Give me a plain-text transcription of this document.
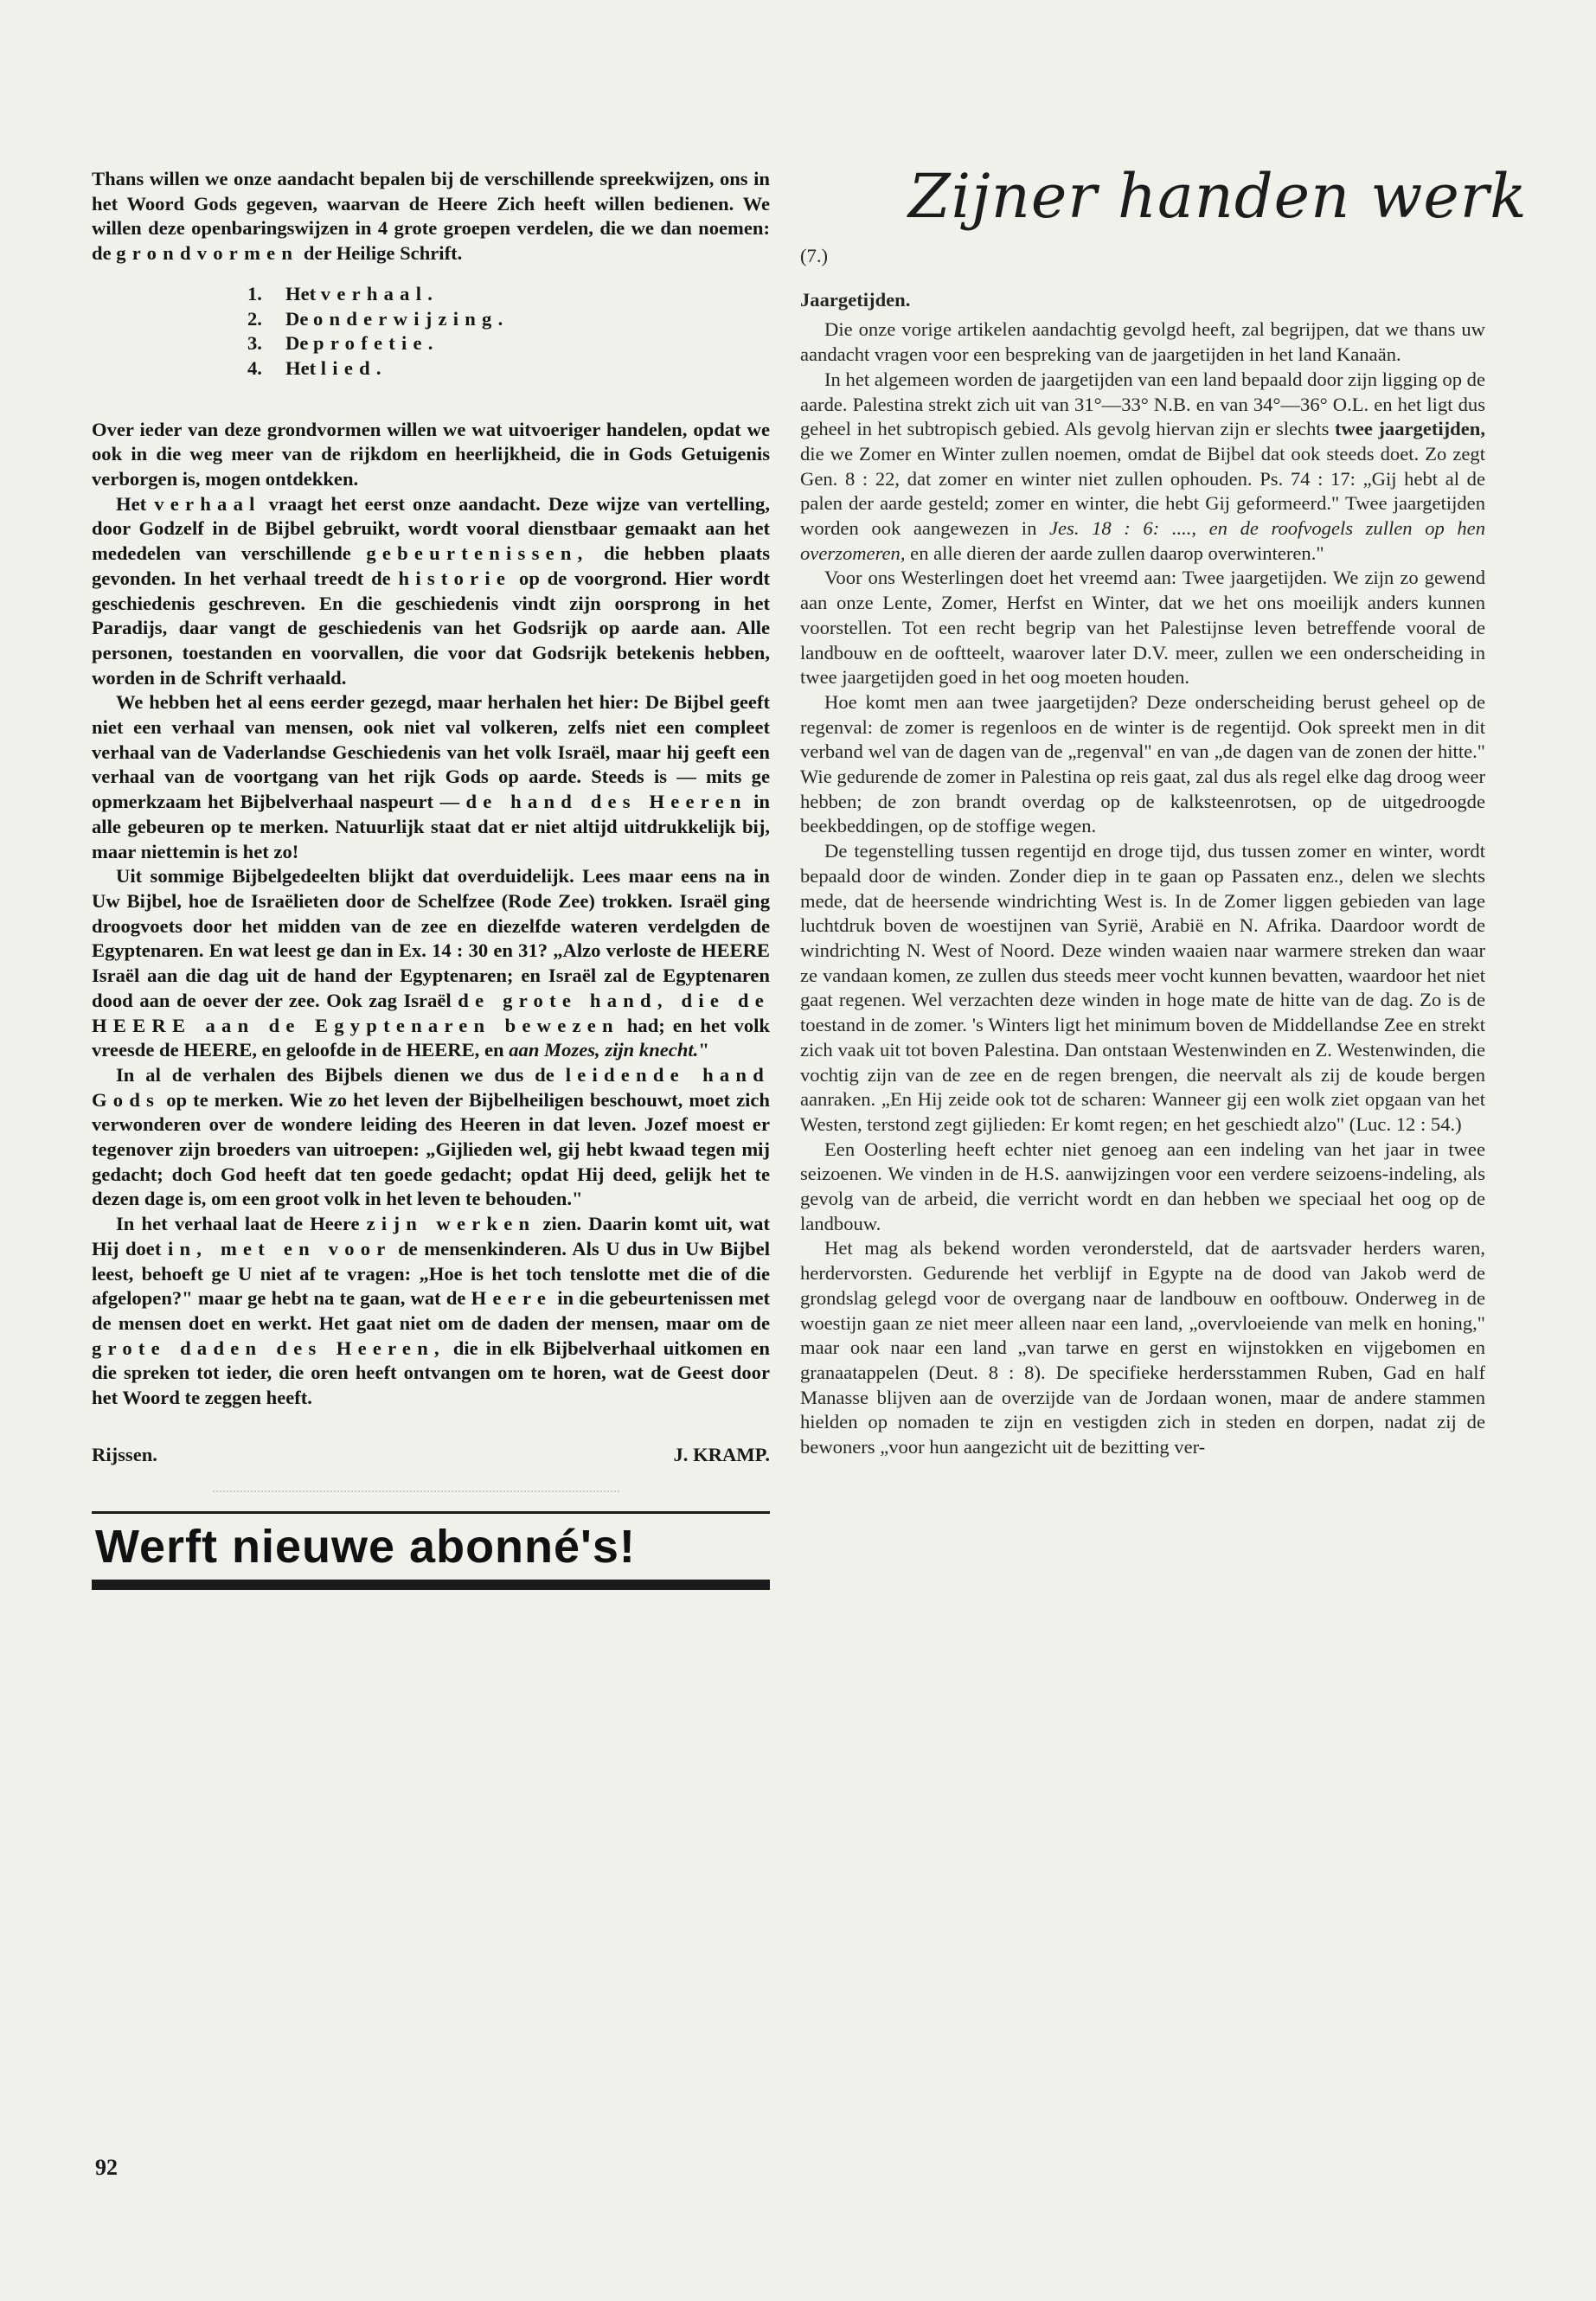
Thans willen we onze aandacht bepalen bij de verschillende spreekwijzen, ons in het Woord Gods gegeven, waarvan de Heere Zich heeft willen bedienen. We willen deze openbaringswijzen in 4 grote groepen verdelen, die we dan noemen: de grondvormen der Heilige Schrift.

1. Het verhaal.
2. De onderwijzing.
3. De profetie.
4. Het lied.

Over ieder van deze grondvormen willen we wat uitvoeriger handelen, opdat we ook in die weg meer van de rijkdom en heerlijkheid, die in Gods Getuigenis verborgen is, mogen ontdekken.

Het verhaal vraagt het eerst onze aandacht. Deze wijze van vertelling, door Godzelf in de Bijbel gebruikt, wordt vooral dienstbaar gemaakt aan het mededelen van verschillende gebeurtenissen, die hebben plaats gevonden. In het verhaal treedt de historie op de voorgrond. Hier wordt geschiedenis geschreven. En die geschiedenis vindt zijn oorsprong in het Paradijs, daar vangt de geschiedenis van het Godsrijk op aarde aan. Alle personen, toestanden en voorvallen, die voor dat Godsrijk betekenis hebben, worden in de Schrift verhaald.

We hebben het al eens eerder gezegd, maar herhalen het hier: De Bijbel geeft niet een verhaal van mensen, ook niet val volkeren, zelfs niet een compleet verhaal van de Vaderlandse Geschiedenis van het volk Israël, maar hij geeft een verhaal van de voortgang van het rijk Gods op aarde. Steeds is — mits ge opmerkzaam het Bijbelverhaal naspeurt — de hand des Heeren in alle gebeuren op te merken. Natuurlijk staat dat er niet altijd uitdrukkelijk bij, maar niettemin is het zo!

Uit sommige Bijbelgedeelten blijkt dat overduidelijk. Lees maar eens na in Uw Bijbel, hoe de Israëlieten door de Schelfzee (Rode Zee) trokken. Israël ging droogvoets door het midden van de zee en diezelfde wateren verdelgden de Egyptenaren. En wat leest ge dan in Ex. 14 : 30 en 31? „Alzo verloste de HEERE Israël aan die dag uit de hand der Egyptenaren; en Israël zal de Egyptenaren dood aan de oever der zee. Ook zag Israël de grote hand, die de HEERE aan de Egyptenaren bewezen had; en het volk vreesde de HEERE, en geloofde in de HEERE, en aan Mozes, zijn knecht."

In al de verhalen des Bijbels dienen we dus de leidende hand Gods op te merken. Wie zo het leven der Bijbelheiligen beschouwt, moet zich verwonderen over de wondere leiding des Heeren in dat leven. Jozef moest er tegenover zijn broeders van uitroepen: „Gijlieden wel, gij hebt kwaad tegen mij gedacht; doch God heeft dat ten goede gedacht; opdat Hij deed, gelijk het te dezen dage is, om een groot volk in het leven te behouden."

In het verhaal laat de Heere zijn werken zien. Daarin komt uit, wat Hij doet in, met en voor de mensenkinderen. Als U dus in Uw Bijbel leest, behoeft ge U niet af te vragen: „Hoe is het toch tenslotte met die of die afgelopen?" maar ge hebt na te gaan, wat de Heere in die gebeurtenissen met de mensen doet en werkt. Het gaat niet om de daden der mensen, maar om de grote daden des Heeren, die in elk Bijbelverhaal uitkomen en die spreken tot ieder, die oren heeft ontvangen om te horen, wat de Geest door het Woord te zeggen heeft.

Rijssen.	J. KRAMP.
Werft nieuwe abonné's!
Zijner handen werk

(7.)

Jaargetijden.

Die onze vorige artikelen aandachtig gevolgd heeft, zal begrijpen, dat we thans uw aandacht vragen voor een bespreking van de jaargetijden in het land Kanaän.

In het algemeen worden de jaargetijden van een land bepaald door zijn ligging op de aarde. Palestina strekt zich uit van 31°—33° N.B. en van 34°—36° O.L. en het ligt dus geheel in het subtropisch gebied. Als gevolg hiervan zijn er slechts twee jaargetijden, die we Zomer en Winter zullen noemen, omdat de Bijbel dat ook steeds doet. Zo zegt Gen. 8 : 22, dat zomer en winter niet zullen ophouden. Ps. 74 : 17: „Gij hebt al de palen der aarde gesteld; zomer en winter, die hebt Gij geformeerd." Twee jaargetijden worden ook aangewezen in Jes. 18 : 6: ...., en de roofvogels zullen op hen overzomeren, en alle dieren der aarde zullen daarop overwinteren."

Voor ons Westerlingen doet het vreemd aan: Twee jaargetijden. We zijn zo gewend aan onze Lente, Zomer, Herfst en Winter, dat we het ons moeilijk anders kunnen voorstellen. Tot een recht begrip van het Palestijnse leven betreffende vooral de landbouw en de ooftteelt, waarover later D.V. meer, zullen we een onderscheiding in twee jaargetijden goed in het oog moeten houden.

Hoe komt men aan twee jaargetijden? Deze onderscheiding berust geheel op de regenval: de zomer is regenloos en de winter is de regentijd. Ook spreekt men in dit verband wel van de dagen van de „regenval" en van „de dagen van de zonen der hitte." Wie gedurende de zomer in Palestina op reis gaat, zal dus als regel elke dag droog weer hebben; de zon brandt overdag op de kalksteenrotsen, op de uitgedroogde beekbeddingen, op de stoffige wegen.

De tegenstelling tussen regentijd en droge tijd, dus tussen zomer en winter, wordt bepaald door de winden. Zonder diep in te gaan op Passaten enz., delen we slechts mede, dat de heersende windrichting West is. In de Zomer liggen gebieden van lage luchtdruk boven de woestijnen van Syrië, Arabië en N. Afrika. Daardoor wordt de windrichting N. West of Noord. Deze winden waaien naar warmere streken dan waar ze vandaan komen, ze zullen dus steeds meer vocht kunnen bevatten, waardoor het niet gaat regenen. Wel verzachten deze winden in hoge mate de hitte van de dag. Zo is de toestand in de zomer. 's Winters ligt het minimum boven de Middellandse Zee en strekt zich vaak uit tot boven Palestina. Dan ontstaan Westenwinden en Z. Westenwinden, die vochtig zijn van de zee en de regen brengen, die neervalt als zij de koude bergen aanraken. „En Hij zeide ook tot de scharen: Wanneer gij een wolk ziet opgaan van het Westen, terstond zegt gijlieden: Er komt regen; en het geschiedt alzo" (Luc. 12 : 54.)

Een Oosterling heeft echter niet genoeg aan een indeling van het jaar in twee seizoenen. We vinden in de H.S. aanwijzingen voor een verdere seizoens-indeling, als gevolg van de arbeid, die verricht wordt en dan hebben we speciaal het oog op de landbouw.

Het mag als bekend worden verondersteld, dat de aartsvader herders waren, herdervorsten. Gedurende het verblijf in Egypte na de dood van Jakob werd de grondslag gelegd voor de overgang naar de landbouw en ooftbouw. Onderweg in de woestijn gaan ze niet meer alleen naar een land, „overvloeiende van melk en honing," maar ook naar een land „van tarwe en gerst en wijnstokken en vijgebomen en granaatappelen (Deut. 8 : 8). De specifieke herdersstammen Ruben, Gad en half Manasse blijven aan de overzijde van de Jordaan wonen, maar de andere stammen hielden op nomaden te zijn en vestigden zich in steden en dorpen, nadat zij de bewoners „voor hun aangezicht uit de bezitting ver-

92
